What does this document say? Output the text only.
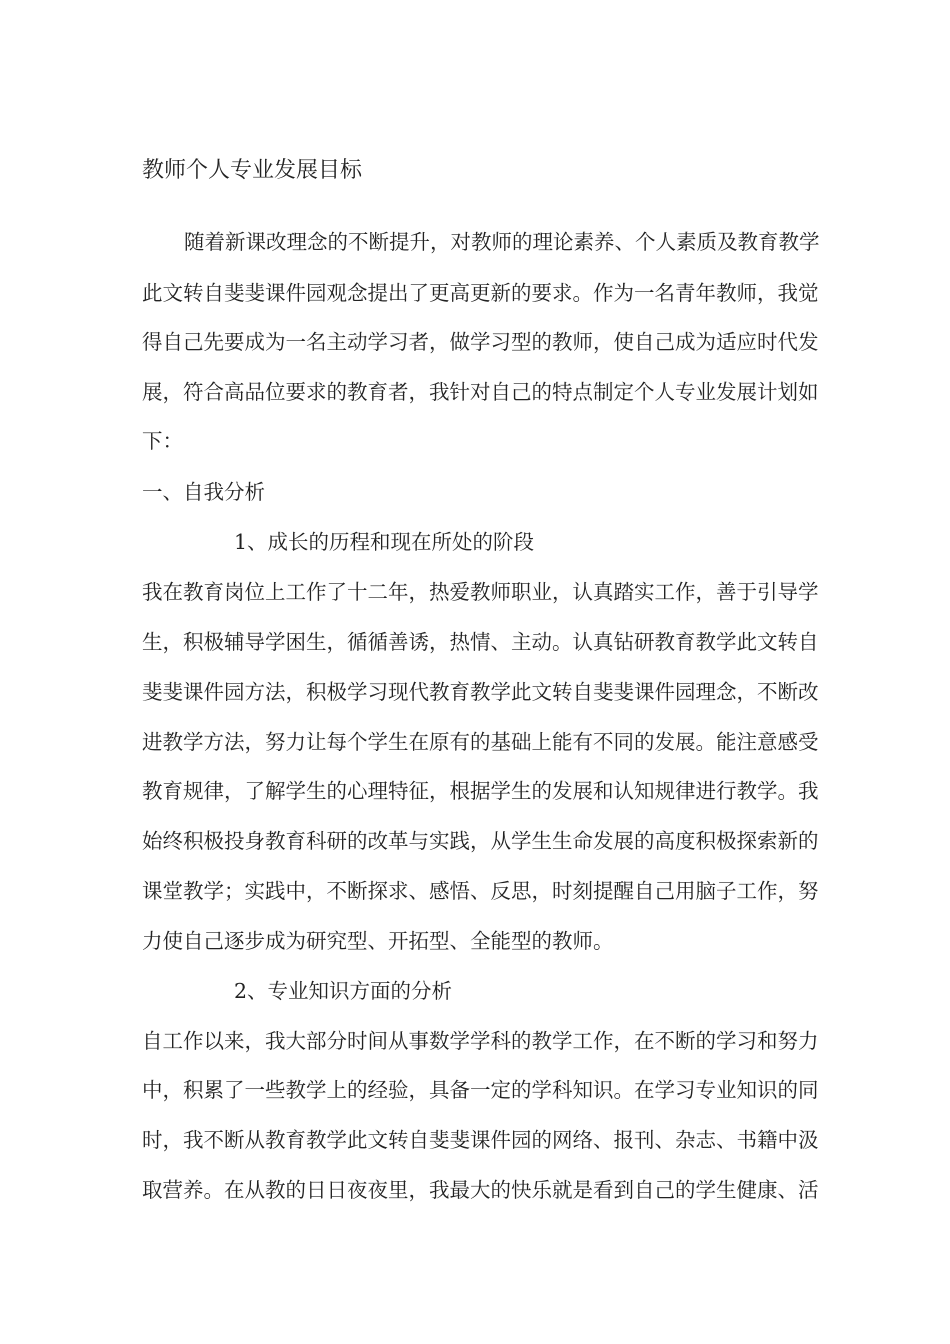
教师个人专业发展目标
随着新课改理念的不断提升，对教师的理论素养、个人素质及教育教学
此文转自斐斐课件园观念提出了更高更新的要求。作为一名青年教师，我觉
得自己先要成为一名主动学习者，做学习型的教师，使自己成为适应时代发
展，符合高品位要求的教育者，我针对自己的特点制定个人专业发展计划如
下：
一、自我分析
1、成长的历程和现在所处的阶段
我在教育岗位上工作了十二年，热爱教师职业，认真踏实工作，善于引导学
生，积极辅导学困生，循循善诱，热情、主动。认真钻研教育教学此文转自
斐斐课件园方法，积极学习现代教育教学此文转自斐斐课件园理念，不断改
进教学方法，努力让每个学生在原有的基础上能有不同的发展。能注意感受
教育规律，了解学生的心理特征，根据学生的发展和认知规律进行教学。我
始终积极投身教育科研的改革与实践，从学生生命发展的高度积极探索新的
课堂教学；实践中，不断探求、感悟、反思，时刻提醒自己用脑子工作，努
力使自己逐步成为研究型、开拓型、全能型的教师。
2、专业知识方面的分析
自工作以来，我大部分时间从事数学学科的教学工作，在不断的学习和努力
中，积累了一些教学上的经验，具备一定的学科知识。在学习专业知识的同
时，我不断从教育教学此文转自斐斐课件园的网络、报刊、杂志、书籍中汲
取营养。在从教的日日夜夜里，我最大的快乐就是看到自己的学生健康、活
